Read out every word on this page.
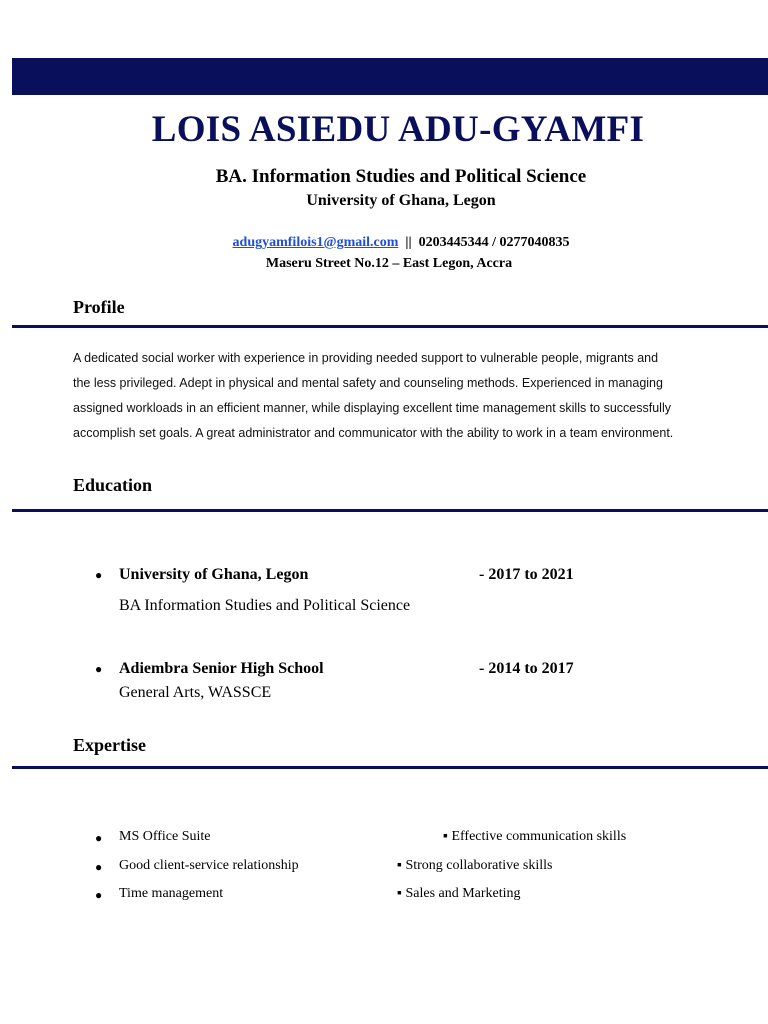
LOIS ASIEDU ADU-GYAMFI
BA. Information Studies and Political Science
University of Ghana, Legon
adugyamfilois1@gmail.com || 0203445344 / 0277040835
Maseru Street No.12 – East Legon, Accra
Profile
A dedicated social worker with experience in providing needed support to vulnerable people, migrants and
the less privileged. Adept in physical and mental safety and counseling methods. Experienced in managing
assigned workloads in an efficient manner, while displaying excellent time management skills to successfully
accomplish set goals. A great administrator and communicator with the ability to work in a team environment.
Education
● University of Ghana, Legon	- 2017 to 2021
BA Information Studies and Political Science
● Adiembra Senior High School	- 2014 to 2017
General Arts, WASSCE
Expertise
● MS Office Suite	▪ Effective communication skills
● Good client-service relationship	▪ Strong collaborative skills
● Time management	▪ Sales and Marketing
